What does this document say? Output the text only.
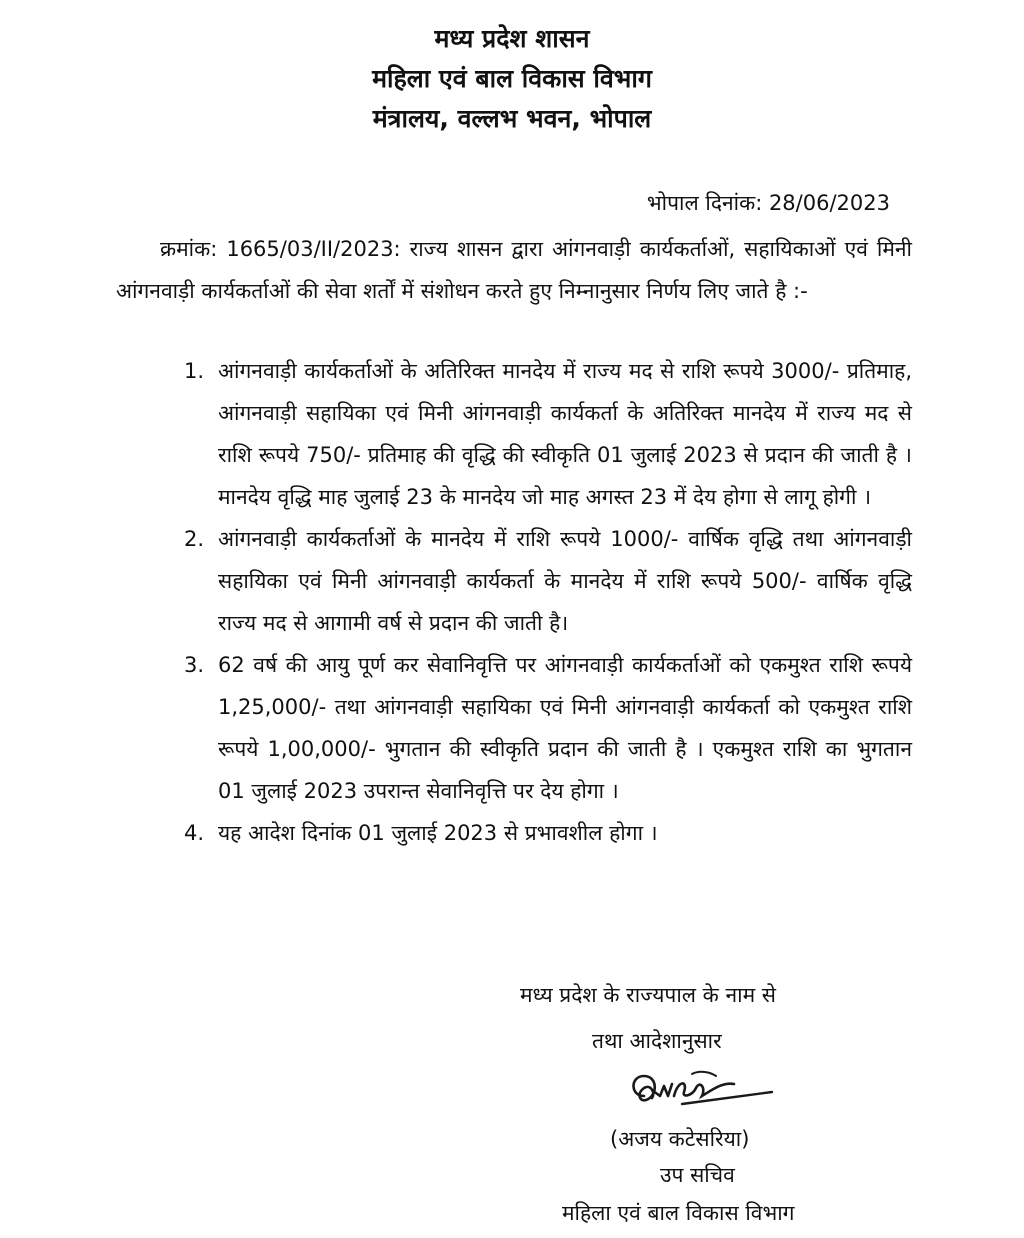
मध्य प्रदेश शासन
महिला एवं बाल विकास विभाग
मंत्रालय, वल्लभ भवन, भोपाल
भोपाल दिनांक: 28/06/2023
क्रमांक: 1665/03/II/2023: राज्य शासन द्वारा आंगनवाड़ी कार्यकर्ताओं, सहायिकाओं एवं मिनी आंगनवाड़ी कार्यकर्ताओं की सेवा शर्तों में संशोधन करते हुए निम्नानुसार निर्णय लिए जाते है :-
1. आंगनवाड़ी कार्यकर्ताओं के अतिरिक्त मानदेय में राज्य मद से राशि रूपये 3000/- प्रतिमाह, आंगनवाड़ी सहायिका एवं मिनी आंगनवाड़ी कार्यकर्ता के अतिरिक्त मानदेय में राज्य मद से राशि रूपये 750/- प्रतिमाह की वृद्धि की स्वीकृति 01 जुलाई 2023 से प्रदान की जाती है । मानदेय वृद्धि माह जुलाई 23 के मानदेय जो माह अगस्त 23 में देय होगा से लागू होगी ।
2. आंगनवाड़ी कार्यकर्ताओं के मानदेय में राशि रूपये 1000/- वार्षिक वृद्धि तथा आंगनवाड़ी सहायिका एवं मिनी आंगनवाड़ी कार्यकर्ता के मानदेय में राशि रूपये 500/- वार्षिक वृद्धि राज्य मद से आगामी वर्ष से प्रदान की जाती है।
3. 62 वर्ष की आयु पूर्ण कर सेवानिवृत्ति पर आंगनवाड़ी कार्यकर्ताओं को एकमुश्त राशि रूपये 1,25,000/- तथा आंगनवाड़ी सहायिका एवं मिनी आंगनवाड़ी कार्यकर्ता को एकमुश्त राशि रूपये 1,00,000/- भुगतान की स्वीकृति प्रदान की जाती है । एकमुश्त राशि का भुगतान 01 जुलाई 2023 उपरान्त सेवानिवृत्ति पर देय होगा ।
4. यह आदेश दिनांक 01 जुलाई 2023 से प्रभावशील होगा ।
मध्य प्रदेश के राज्यपाल के नाम से
तथा आदेशानुसार
(अजय कटेसरिया)
उप सचिव
महिला एवं बाल विकास विभाग
